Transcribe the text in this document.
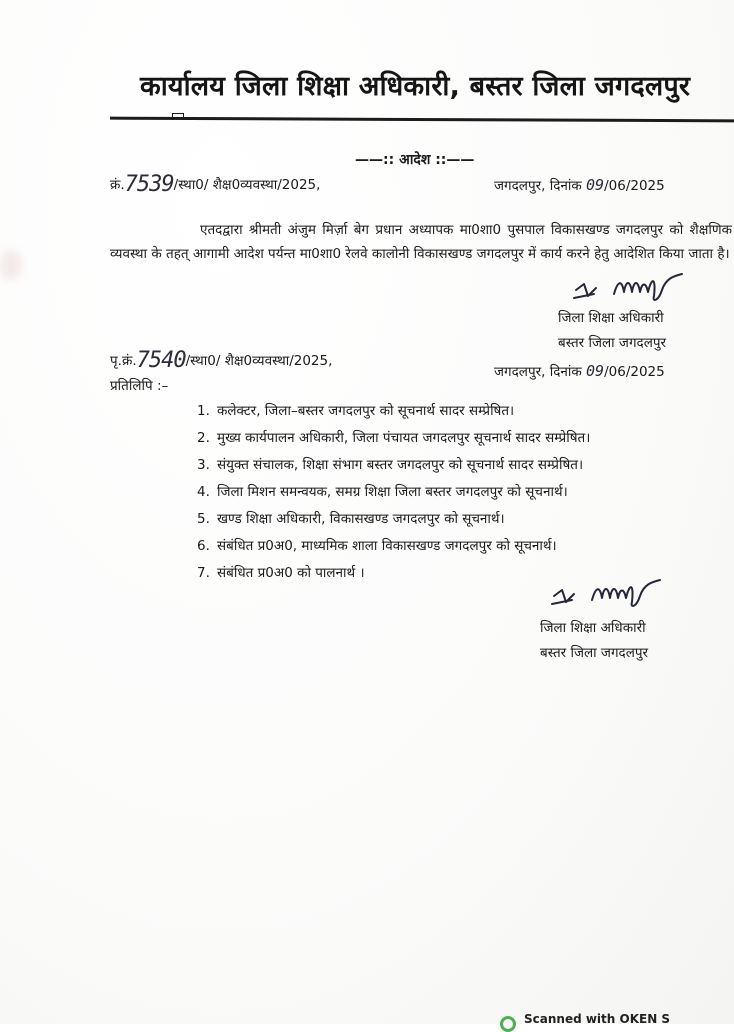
कार्यालय जिला शिक्षा अधिकारी, बस्तर जिला जगदलपुर
——:: आदेश ::——
क्रं.7539/स्था0/ शैक्ष0व्यवस्था/2025,	जगदलपुर, दिनांक 09/06/2025
एतदद्वारा श्रीमती अंजुम मिर्ज़ा बेग प्रधान अध्यापक मा0शा0 पुसपाल विकासखण्ड जगदलपुर को शैक्षणिक व्यवस्था के तहत् आगामी आदेश पर्यन्त मा0शा0 रेलवे कालोनी विकासखण्ड जगदलपुर में कार्य करने हेतु आदेशित किया जाता है।
जिला शिक्षा अधिकारी
बस्तर जिला जगदलपुर
पृ.क्रं.7540/स्था0/ शैक्ष0व्यवस्था/2025,
जगदलपुर, दिनांक 09/06/2025
प्रतिलिपि :–
1. कलेक्टर, जिला–बस्तर जगदलपुर को सूचनार्थ सादर सम्प्रेषित।
2. मुख्य कार्यपालन अधिकारी, जिला पंचायत जगदलपुर सूचनार्थ सादर सम्प्रेषित।
3. संयुक्त संचालक, शिक्षा संभाग बस्तर जगदलपुर को सूचनार्थ सादर सम्प्रेषित।
4. जिला मिशन समन्वयक, समग्र शिक्षा जिला बस्तर जगदलपुर को सूचनार्थ।
5. खण्ड शिक्षा अधिकारी, विकासखण्ड जगदलपुर को सूचनार्थ।
6. संबंधित प्र0अ0, माध्यमिक शाला विकासखण्ड जगदलपुर को सूचनार्थ।
7. संबंधित प्र0अ0 को पालनार्थ ।
जिला शिक्षा अधिकारी
बस्तर जिला जगदलपुर
Scanned with OKEN S
